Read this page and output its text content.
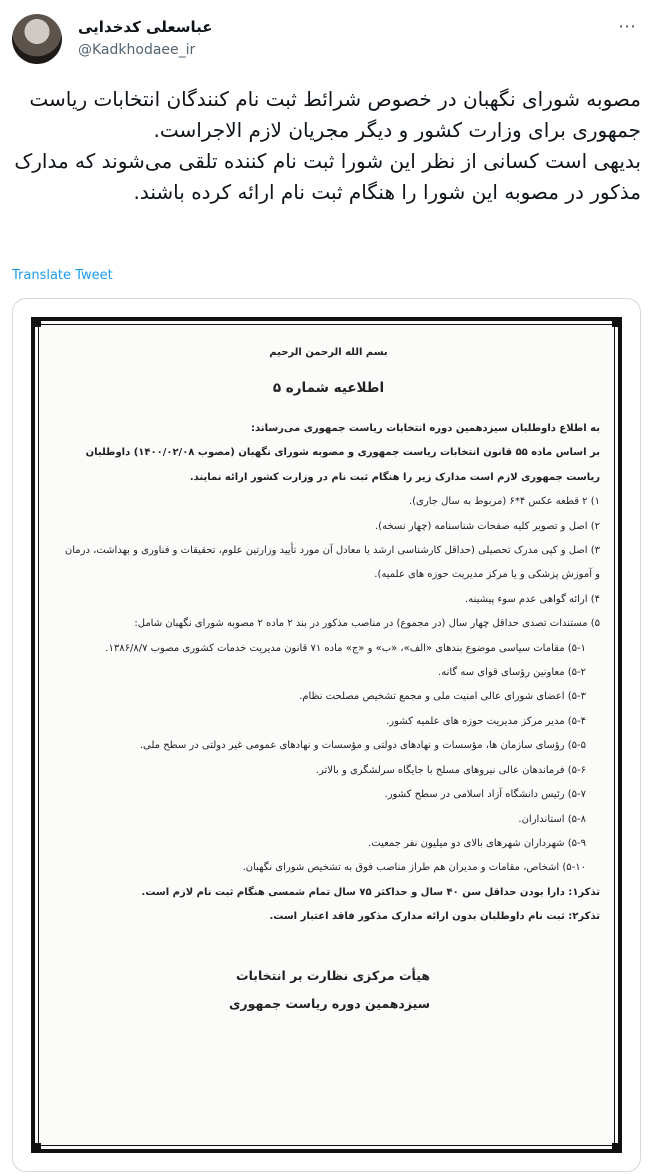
عباسعلی کدخدایی
@Kadkhodaee_ir
⋯

مصوبه شورای نگهبان در خصوص شرائط ثبت نام کنندگان انتخابات ریاست جمهوری برای وزارت کشور و دیگر مجریان لازم الاجراست.

بدیهی است کسانی از نظر این شورا ثبت نام کننده تلقی می‌شوند که مدارک مذکور در مصوبه این شورا را هنگام ثبت نام ارائه کرده باشند.

Translate Tweet
بسم الله الرحمن الرحیم
اطلاعیه شماره ۵
به اطلاع داوطلبان سیزدهمین دوره انتخابات ریاست جمهوری می‌رساند:
بر اساس ماده ۵۵ قانون انتخابات ریاست جمهوری و مصوبه شورای نگهبان (مصوب ۱۴۰۰/۰۲/۰۸) داوطلبان ریاست جمهوری لازم است مدارک زیر را هنگام ثبت نام در وزارت کشور ارائه نمایند.
۱) ۲ قطعه عکس ۴*۶ (مربوط به سال جاری).
۲) اصل و تصویر کلیه صفحات شناسنامه (چهار نسخه).
۳) اصل و کپی مدرک تحصیلی (حداقل کارشناسی ارشد یا معادل آن مورد تأیید وزارتین علوم، تحقیقات و فناوری و بهداشت، درمان و آموزش پزشکی و یا مرکز مدیریت حوزه های علمیه).
۴) ارائه گواهی عدم سوء پیشینه.
۵) مستندات تصدی حداقل چهار سال (در مجموع) در مناصب مذکور در بند ۲ ماده ۲ مصوبه شورای نگهبان شامل:
۵-۱) مقامات سیاسی موضوع بندهای «الف»، «ب» و «ج» ماده ۷۱ قانون مدیریت خدمات کشوری مصوب ۱۳۸۶/۸/۷.
۵-۲) معاونین رؤسای قوای سه گانه.
۵-۳) اعضای شورای عالی امنیت ملی و مجمع تشخیص مصلحت نظام.
۵-۴) مدیر مرکز مدیریت حوزه های علمیه کشور.
۵-۵) رؤسای سازمان ها، مؤسسات و نهادهای دولتی و مؤسسات و نهادهای عمومی غیر دولتی در سطح ملی.
۵-۶) فرماندهان عالی نیروهای مسلح با جایگاه سرلشگری و بالاتر.
۵-۷) رئیس دانشگاه آزاد اسلامی در سطح کشور.
۵-۸) استانداران.
۵-۹) شهرداران شهرهای بالای دو میلیون نفر جمعیت.
۵-۱۰) اشخاص، مقامات و مدیران هم طراز مناصب فوق به تشخیص شورای نگهبان.
تذکر۱: دارا بودن حداقل سن ۴۰ سال و حداکثر ۷۵ سال تمام شمسی هنگام ثبت نام لازم است.
تذکر۲: ثبت نام داوطلبان بدون ارائه مدارک مذکور فاقد اعتبار است.
هیأت مرکزی نظارت بر انتخابات
سیزدهمین دوره ریاست جمهوری
